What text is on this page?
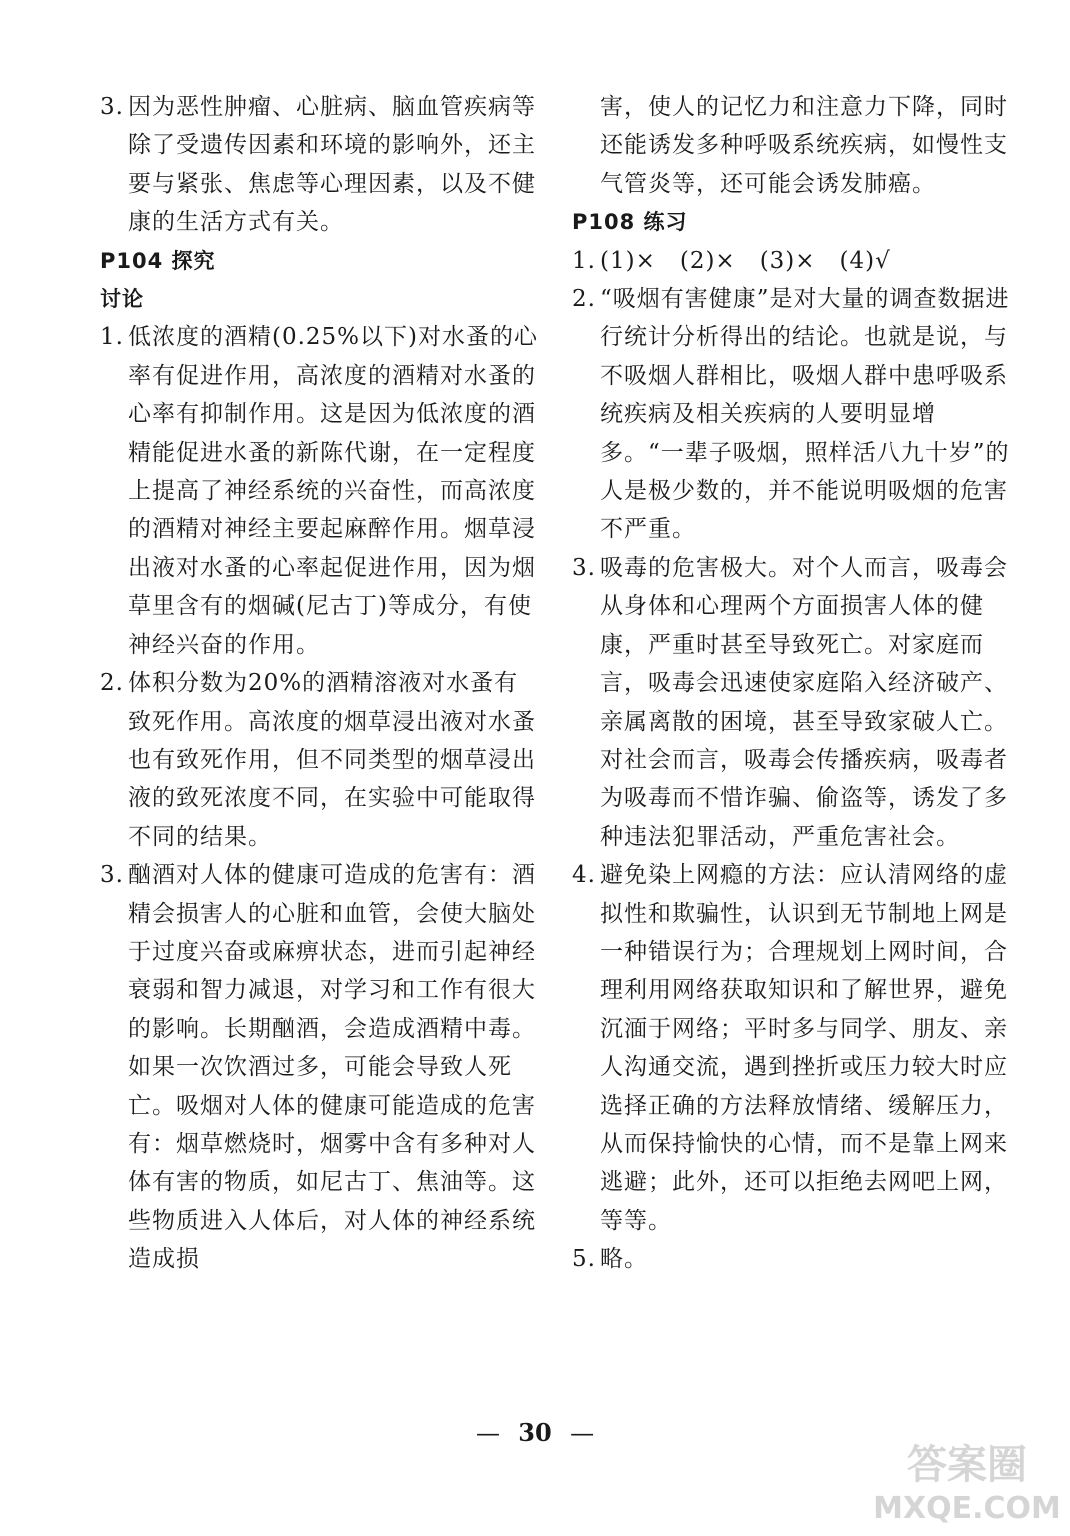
3. 因为恶性肿瘤、心脏病、脑血管疾病等除了受遗传因素和环境的影响外，还主要与紧张、焦虑等心理因素，以及不健康的生活方式有关。

P104 探究

讨论

1. 低浓度的酒精(0.25%以下)对水蚤的心率有促进作用，高浓度的酒精对水蚤的心率有抑制作用。这是因为低浓度的酒精能促进水蚤的新陈代谢，在一定程度上提高了神经系统的兴奋性，而高浓度的酒精对神经主要起麻醉作用。烟草浸出液对水蚤的心率起促进作用，因为烟草里含有的烟碱(尼古丁)等成分，有使神经兴奋的作用。

2. 体积分数为20%的酒精溶液对水蚤有致死作用。高浓度的烟草浸出液对水蚤也有致死作用，但不同类型的烟草浸出液的致死浓度不同，在实验中可能取得不同的结果。

3. 酗酒对人体的健康可造成的危害有：酒精会损害人的心脏和血管，会使大脑处于过度兴奋或麻痹状态，进而引起神经衰弱和智力减退，对学习和工作有很大的影响。长期酗酒，会造成酒精中毒。如果一次饮酒过多，可能会导致人死亡。吸烟对人体的健康可能造成的危害有：烟草燃烧时，烟雾中含有多种对人体有害的物质，如尼古丁、焦油等。这些物质进入人体后，对人体的神经系统造成损

害，使人的记忆力和注意力下降，同时还能诱发多种呼吸系统疾病，如慢性支气管炎等，还可能会诱发肺癌。

P108 练习

1. (1)×　(2)×　(3)×　(4)√

2. “吸烟有害健康”是对大量的调查数据进行统计分析得出的结论。也就是说，与不吸烟人群相比，吸烟人群中患呼吸系统疾病及相关疾病的人要明显增多。“一辈子吸烟，照样活八九十岁”的人是极少数的，并不能说明吸烟的危害不严重。

3. 吸毒的危害极大。对个人而言，吸毒会从身体和心理两个方面损害人体的健康，严重时甚至导致死亡。对家庭而言，吸毒会迅速使家庭陷入经济破产、亲属离散的困境，甚至导致家破人亡。对社会而言，吸毒会传播疾病，吸毒者为吸毒而不惜诈骗、偷盗等，诱发了多种违法犯罪活动，严重危害社会。

4. 避免染上网瘾的方法：应认清网络的虚拟性和欺骗性，认识到无节制地上网是一种错误行为；合理规划上网时间，合理利用网络获取知识和了解世界，避免沉湎于网络；平时多与同学、朋友、亲人沟通交流，遇到挫折或压力较大时应选择正确的方法释放情绪、缓解压力，从而保持愉快的心情，而不是靠上网来逃避；此外，还可以拒绝去网吧上网，等等。

5. 略。

— 30 —
答案圈
MXQE.COM
